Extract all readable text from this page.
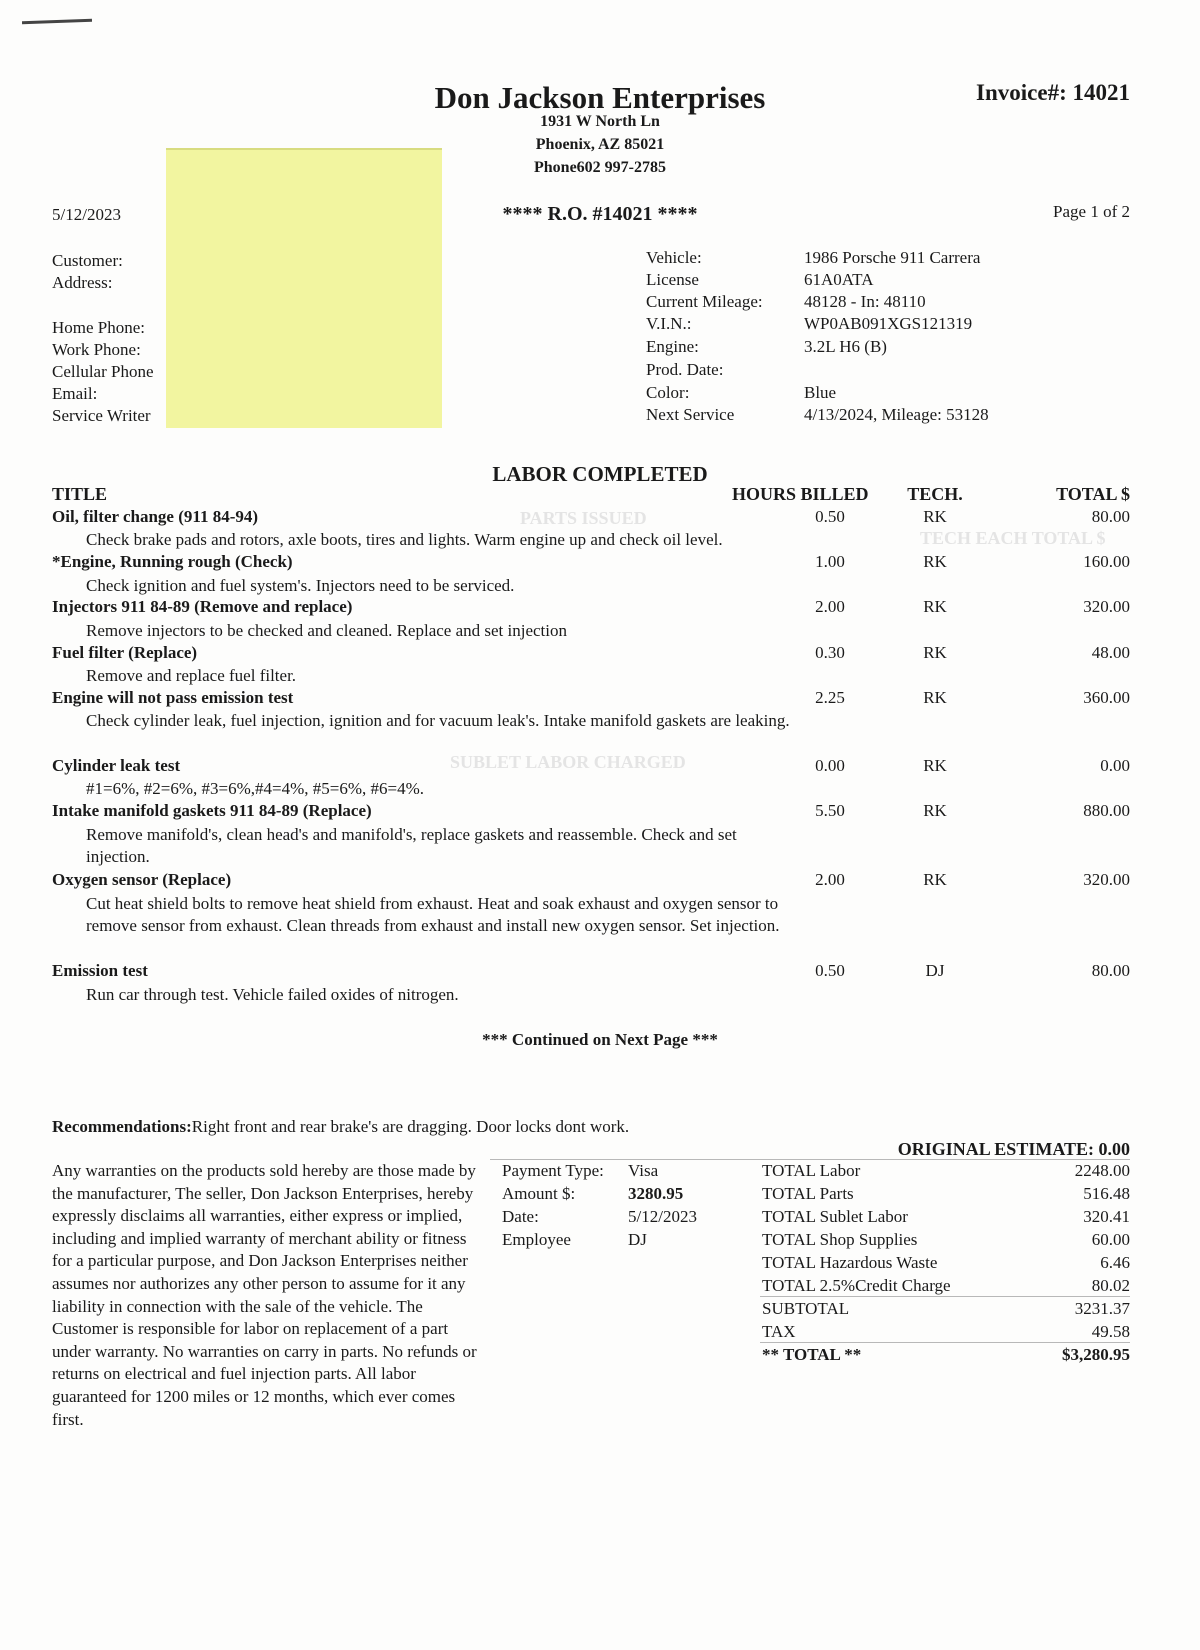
PARTS ISSUED
SUBLET LABOR CHARGED
TECH EACH TOTAL $
Don Jackson Enterprises
1931 W North Ln
Phoenix, AZ 85021
Phone602 997-2785
Invoice#: 14021
5/12/2023	**** R.O. #14021 ****	Page 1 of 2
Customer:
Address:
Home Phone:
Work Phone:
Cellular Phone
Email:
Service Writer
Vehicle:	1986 Porsche 911 Carrera
License	61A0ATA
Current Mileage: 48128 - In: 48110
V.I.N.:	WP0AB091XGS121319
Engine:	3.2L H6 (B)
Prod. Date:
Color:	Blue
Next Service	4/13/2024, Mileage: 53128
LABOR COMPLETED
TITLE	HOURS BILLED	TECH.	TOTAL $
Oil, filter change (911 84-94)	0.50	RK	80.00
Check brake pads and rotors, axle boots, tires and lights. Warm engine up and check oil level.
*Engine, Running rough (Check)	1.00	RK	160.00
Check ignition and fuel system's. Injectors need to be serviced.
Injectors 911 84-89 (Remove and replace)	2.00	RK	320.00
Remove injectors to be checked and cleaned. Replace and set injection
Fuel filter (Replace)	0.30	RK	48.00
Remove and replace fuel filter.
Engine will not pass emission test	2.25	RK	360.00
Check cylinder leak, fuel injection, ignition and for vacuum leak's. Intake manifold gaskets are leaking.
Cylinder leak test	0.00	RK	0.00
#1=6%, #2=6%, #3=6%,#4=4%, #5=6%, #6=4%.
Intake manifold gaskets 911 84-89 (Replace)	5.50	RK	880.00
Remove manifold's, clean head's and manifold's, replace gaskets and reassemble. Check and set injection.
Oxygen sensor (Replace)	2.00	RK	320.00
Cut heat shield bolts to remove heat shield from exhaust. Heat and soak exhaust and oxygen sensor to remove sensor from exhaust. Clean threads from exhaust and install new oxygen sensor. Set injection.
Emission test	0.50	DJ	80.00
Run car through test. Vehicle failed oxides of nitrogen.
*** Continued on Next Page ***
Recommendations:Right front and rear brake's are dragging. Door locks dont work.
ORIGINAL ESTIMATE: 0.00
Any warranties on the products sold hereby are those made by the manufacturer, The seller, Don Jackson Enterprises, hereby expressly disclaims all warranties, either express or implied, including and implied warranty of merchant ability or fitness for a particular purpose, and Don Jackson Enterprises neither assumes nor authorizes any other person to assume for it any liability in connection with the sale of the vehicle. The Customer is responsible for labor on replacement of a part under warranty. No warranties on carry in parts. No refunds or returns on electrical and fuel injection parts. All labor guaranteed for 1200 miles or 12 months, which ever comes first.
Payment Type: Visa
Amount $:	3280.95
Date:	5/12/2023
Employee	DJ
TOTAL Labor	2248.00
TOTAL Parts	516.48
TOTAL Sublet Labor	320.41
TOTAL Shop Supplies	60.00
TOTAL Hazardous Waste	6.46
TOTAL 2.5%Credit Charge	80.02
SUBTOTAL	3231.37
TAX	49.58
** TOTAL **	$3,280.95
